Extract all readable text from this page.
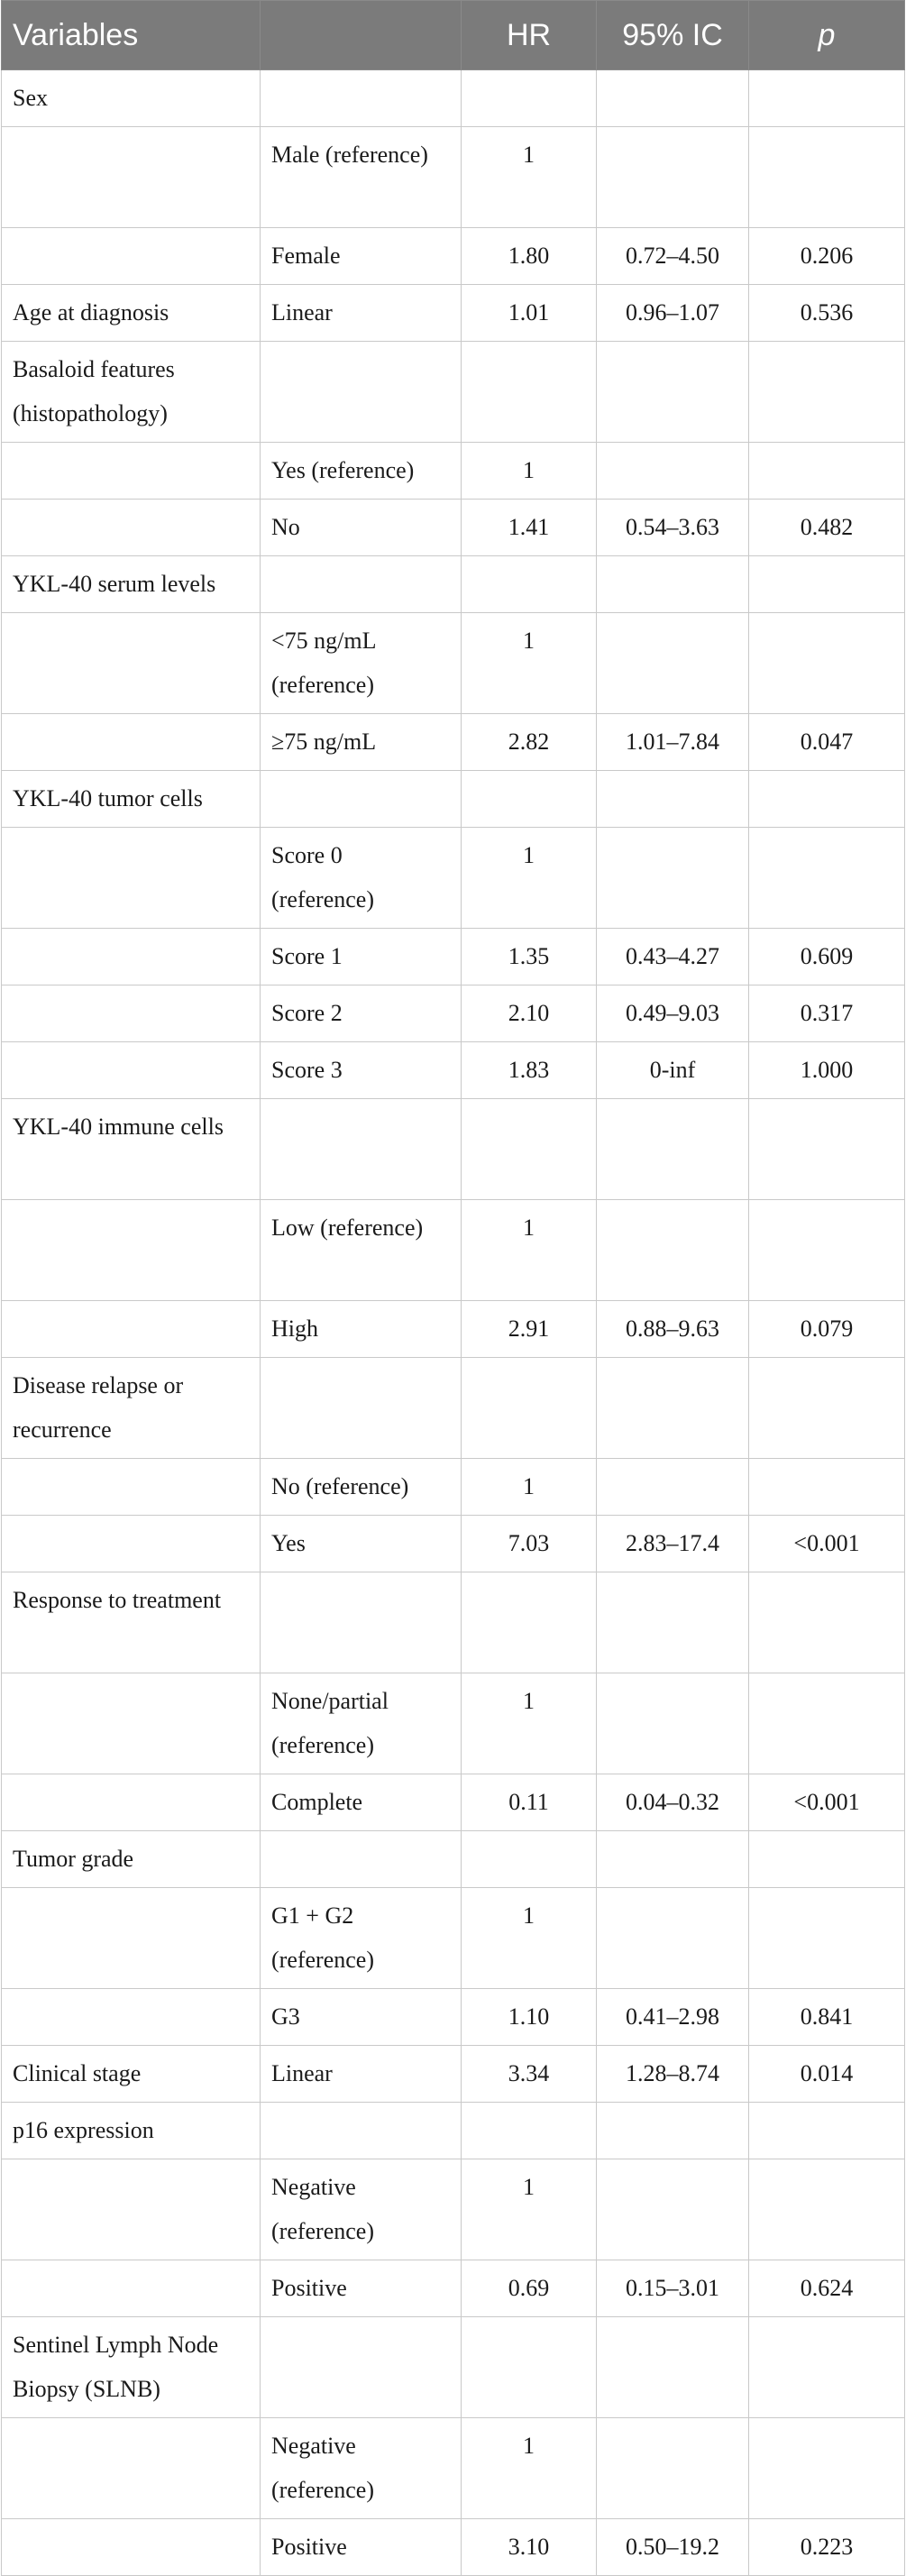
Variables		HR	95% IC	p
Sex				
	Male (reference)	1		
	Female	1.80	0.72–4.50	0.206
Age at diagnosis	Linear	1.01	0.96–1.07	0.536
Basaloid features (histopathology)				
	Yes (reference)	1		
	No	1.41	0.54–3.63	0.482
YKL-40 serum levels				
	<75 ng/mL (reference)	1		
	≥75 ng/mL	2.82	1.01–7.84	0.047
YKL-40 tumor cells				
	Score 0 (reference)	1		
	Score 1	1.35	0.43–4.27	0.609
	Score 2	2.10	0.49–9.03	0.317
	Score 3	1.83	0-inf	1.000
YKL-40 immune cells				
	Low (reference)	1		
	High	2.91	0.88–9.63	0.079
Disease relapse or recurrence				
	No (reference)	1		
	Yes	7.03	2.83–17.4	<0.001
Response to treatment				
	None/partial (reference)	1		
	Complete	0.11	0.04–0.32	<0.001
Tumor grade				
	G1 + G2 (reference)	1		
	G3	1.10	0.41–2.98	0.841
Clinical stage	Linear	3.34	1.28–8.74	0.014
p16 expression				
	Negative (reference)	1		
	Positive	0.69	0.15–3.01	0.624
Sentinel Lymph Node Biopsy (SLNB)				
	Negative (reference)	1		
	Positive	3.10	0.50–19.2	0.223
